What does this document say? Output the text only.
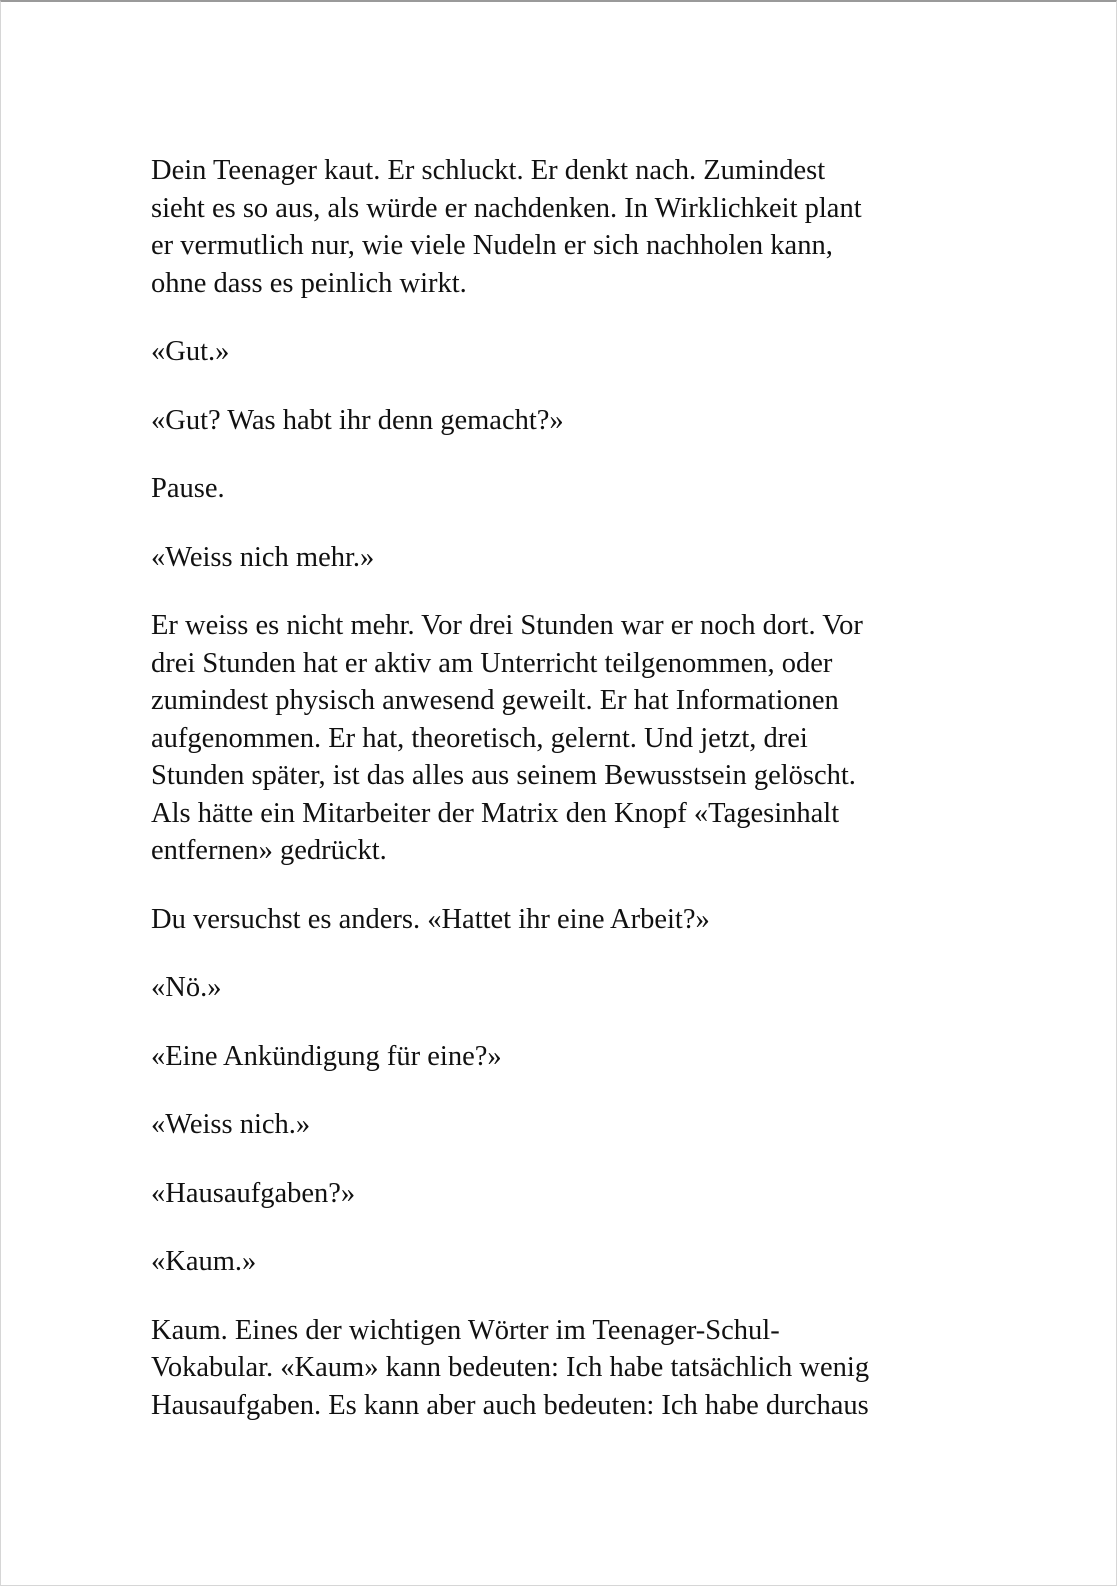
Dein Teenager kaut. Er schluckt. Er denkt nach. Zumindest
sieht es so aus, als würde er nachdenken. In Wirklichkeit plant
er vermutlich nur, wie viele Nudeln er sich nachholen kann,
ohne dass es peinlich wirkt.

«Gut.»

«Gut? Was habt ihr denn gemacht?»

Pause.

«Weiss nich mehr.»

Er weiss es nicht mehr. Vor drei Stunden war er noch dort. Vor
drei Stunden hat er aktiv am Unterricht teilgenommen, oder
zumindest physisch anwesend geweilt. Er hat Informationen
aufgenommen. Er hat, theoretisch, gelernt. Und jetzt, drei
Stunden später, ist das alles aus seinem Bewusstsein gelöscht.
Als hätte ein Mitarbeiter der Matrix den Knopf «Tagesinhalt
entfernen» gedrückt.

Du versuchst es anders. «Hattet ihr eine Arbeit?»

«Nö.»

«Eine Ankündigung für eine?»

«Weiss nich.»

«Hausaufgaben?»

«Kaum.»

Kaum. Eines der wichtigen Wörter im Teenager-Schul-
Vokabular. «Kaum» kann bedeuten: Ich habe tatsächlich wenig
Hausaufgaben. Es kann aber auch bedeuten: Ich habe durchaus
